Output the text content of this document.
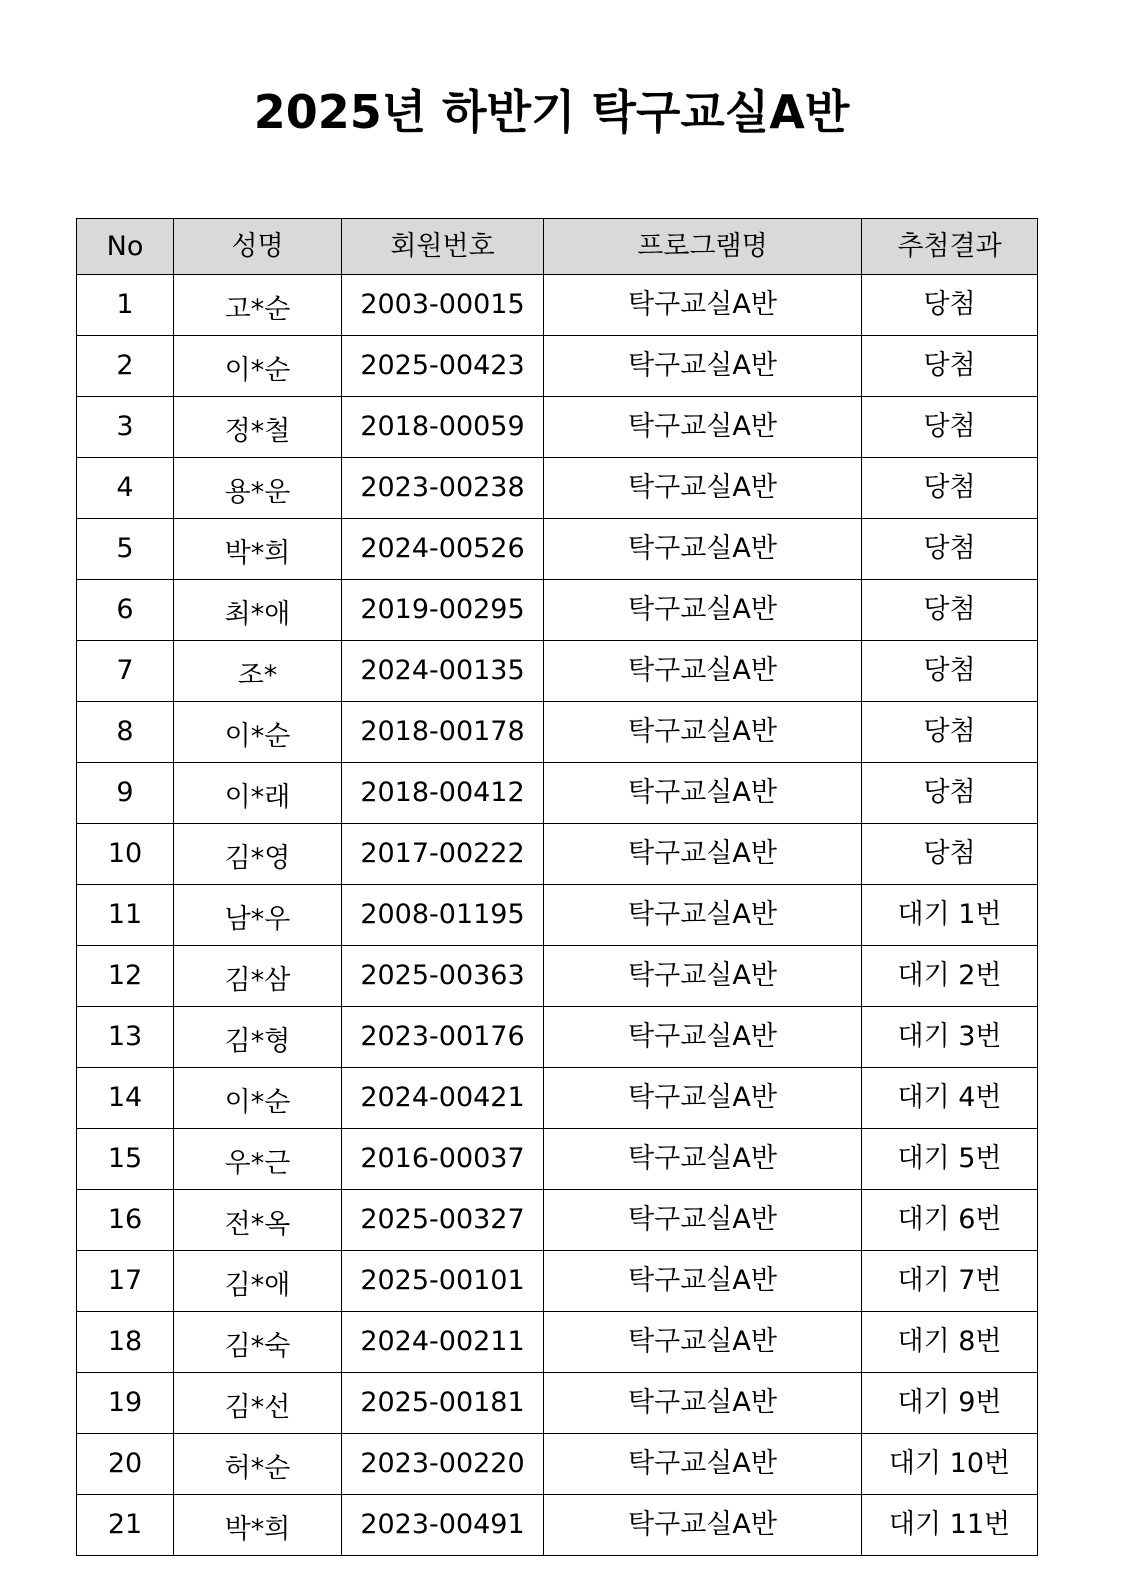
2025년 하반기 탁구교실A반
No	성명	회원번호	프로그램명	추첨결과
1	고*순	2003-00015	탁구교실A반	당첨
2	이*순	2025-00423	탁구교실A반	당첨
3	정*철	2018-00059	탁구교실A반	당첨
4	용*운	2023-00238	탁구교실A반	당첨
5	박*희	2024-00526	탁구교실A반	당첨
6	최*애	2019-00295	탁구교실A반	당첨
7	조*	2024-00135	탁구교실A반	당첨
8	이*순	2018-00178	탁구교실A반	당첨
9	이*래	2018-00412	탁구교실A반	당첨
10	김*영	2017-00222	탁구교실A반	당첨
11	남*우	2008-01195	탁구교실A반	대기 1번
12	김*삼	2025-00363	탁구교실A반	대기 2번
13	김*형	2023-00176	탁구교실A반	대기 3번
14	이*순	2024-00421	탁구교실A반	대기 4번
15	우*근	2016-00037	탁구교실A반	대기 5번
16	전*옥	2025-00327	탁구교실A반	대기 6번
17	김*애	2025-00101	탁구교실A반	대기 7번
18	김*숙	2024-00211	탁구교실A반	대기 8번
19	김*선	2025-00181	탁구교실A반	대기 9번
20	허*순	2023-00220	탁구교실A반	대기 10번
21	박*희	2023-00491	탁구교실A반	대기 11번
